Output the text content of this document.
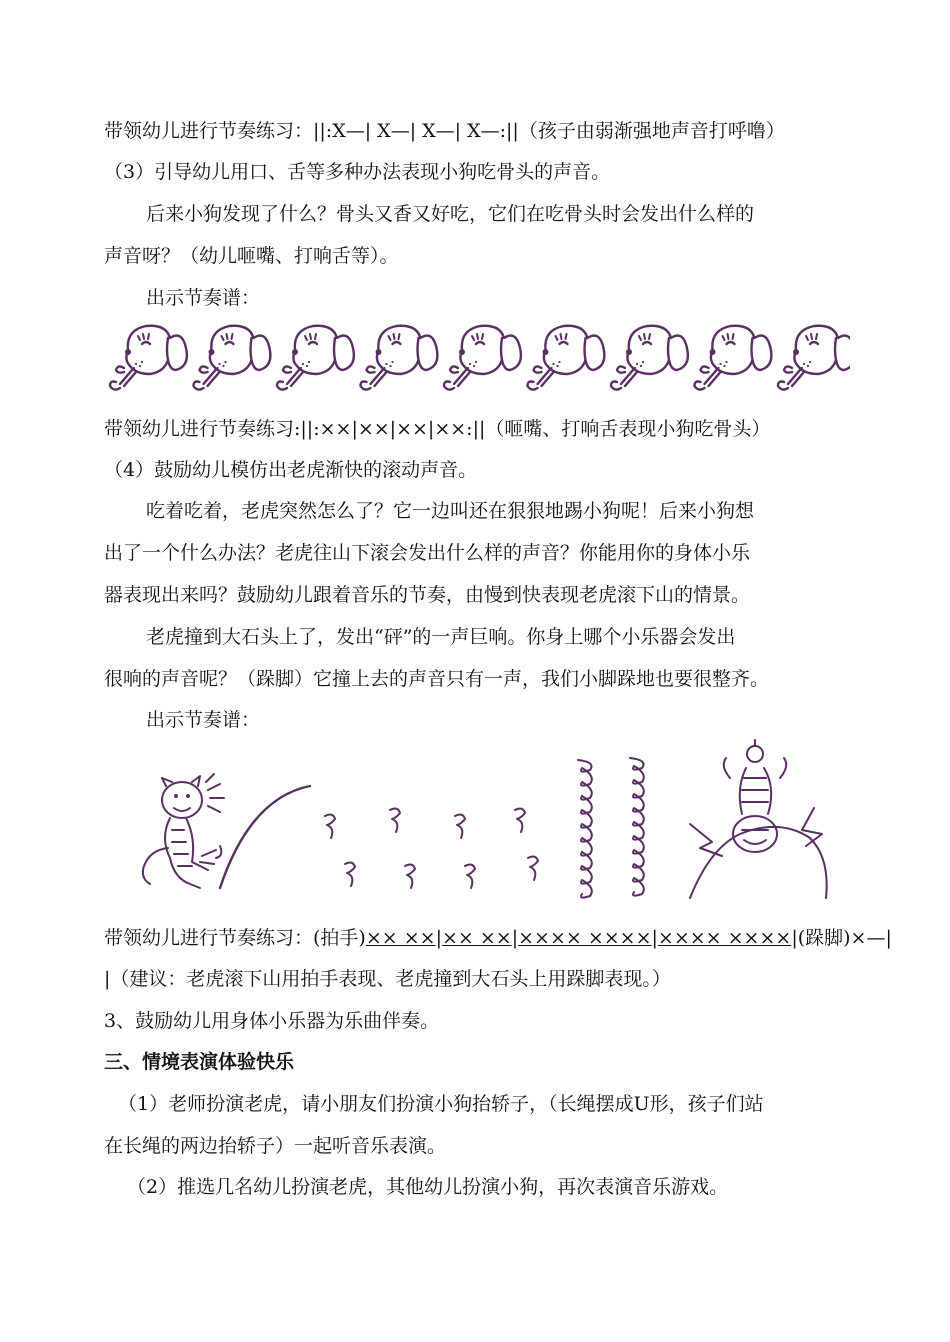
带领幼儿进行节奏练习：||:X—| X—| X—| X—:||（孩子由弱渐强地声音打呼噜）
（3）引导幼儿用口、舌等多种办法表现小狗吃骨头的声音。
后来小狗发现了什么？骨头又香又好吃，它们在吃骨头时会发出什么样的
声音呀？（幼儿咂嘴、打响舌等）。
出示节奏谱：
带领幼儿进行节奏练习:||:××|××|××|××:||（咂嘴、打响舌表现小狗吃骨头）
（4）鼓励幼儿模仿出老虎渐快的滚动声音。
吃着吃着，老虎突然怎么了？它一边叫还在狠狠地踢小狗呢！后来小狗想
出了一个什么办法？老虎往山下滚会发出什么样的声音？你能用你的身体小乐
器表现出来吗？鼓励幼儿跟着音乐的节奏，由慢到快表现老虎滚下山的情景。
老虎撞到大石头上了，发出“砰”的一声巨响。你身上哪个小乐器会发出
很响的声音呢？（跺脚）它撞上去的声音只有一声，我们小脚跺地也要很整齐。
出示节奏谱：
带领幼儿进行节奏练习：(拍手)×× ××|×× ××|×××× ××××|×××× ××××|(跺脚)×—|
|（建议：老虎滚下山用拍手表现、老虎撞到大石头上用跺脚表现。）
3、鼓励幼儿用身体小乐器为乐曲伴奏。
三、情境表演体验快乐
（1）老师扮演老虎，请小朋友们扮演小狗抬轿子，（长绳摆成U形，孩子们站
在长绳的两边抬轿子）一起听音乐表演。
（2）推选几名幼儿扮演老虎，其他幼儿扮演小狗，再次表演音乐游戏。
